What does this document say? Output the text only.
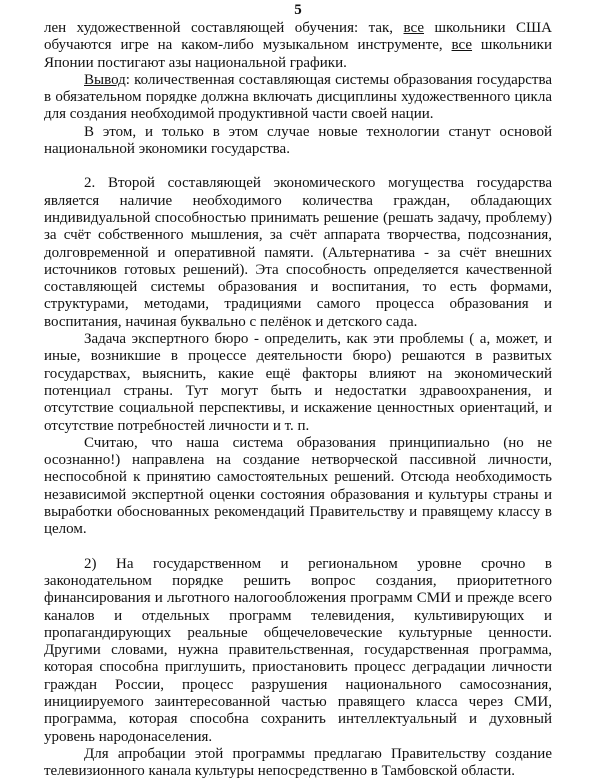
5

лен художественной составляющей обучения: так, все школьники США обучаются игре на каком-либо музыкальном инструменте, все школьники Японии постигают азы национальной графики.

Вывод: количественная составляющая системы образования государства в обязательном порядке должна включать дисциплины художественного цикла для создания необходимой продуктивной части своей нации.

В этом, и только в этом случае новые технологии станут основой национальной экономики государства.

2. Второй составляющей экономического могущества государства является наличие необходимого количества граждан, обладающих индивидуальной способностью принимать решение (решать задачу, проблему) за счёт собственного мышления, за счёт аппарата творчества, подсознания, долговременной и оперативной памяти. (Альтернатива - за счёт внешних источников готовых решений). Эта способность определяется качественной составляющей системы образования и воспитания, то есть формами, структурами, методами, традициями самого процесса образования и воспитания, начиная буквально с пелёнок и детского сада.

Задача экспертного бюро - определить, как эти проблемы ( а, может, и иные, возникшие в процессе деятельности бюро) решаются в развитых государствах, выяснить, какие ещё факторы влияют на экономический потенциал страны. Тут могут быть и недостатки здравоохранения, и отсутствие социальной перспективы, и искажение ценностных ориентаций, и отсутствие потребностей личности и т. п.

Считаю, что наша система образования принципиально (но не осознанно!) направлена на создание нетворческой пассивной личности, неспособной к принятию самостоятельных решений. Отсюда необходимость независимой экспертной оценки состояния образования и культуры страны и выработки обоснованных рекомендаций Правительству и правящему классу в целом.

2) На государственном и региональном уровне срочно в законодательном порядке решить вопрос создания, приоритетного финансирования и льготного налогообложения программ СМИ и прежде всего каналов и отдельных программ телевидения, культивирующих и пропагандирующих реальные общечеловеческие культурные ценности. Другими словами, нужна правительственная, государственная программа, которая способна приглушить, приостановить процесс деградации личности граждан России, процесс разрушения национального самосознания, инициируемого заинтересованной частью правящего класса через СМИ, программа, которая способна сохранить интеллектуальный и духовный уровень народонаселения.

Для апробации этой программы предлагаю Правительству создание телевизионного канала культуры непосредственно в Тамбовской области.
